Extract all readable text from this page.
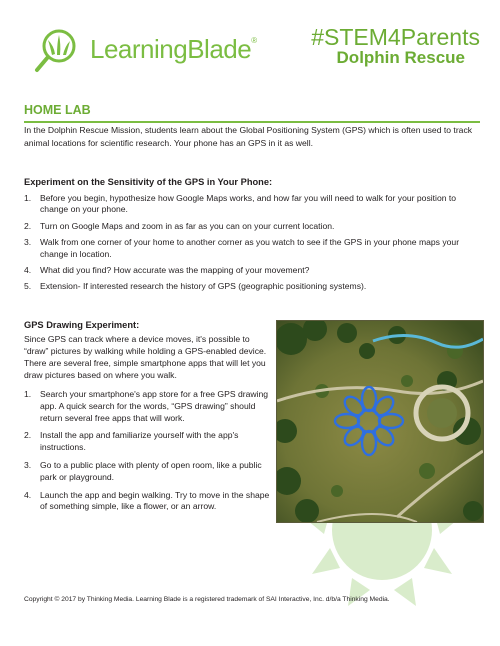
LearningBlade®	#STEM4Parents
Dolphin Rescue
HOME LAB
In the Dolphin Rescue Mission, students learn about the Global Positioning System (GPS) which is often used to track animal locations for scientific research. Your phone has an GPS in it as well.
Experiment on the Sensitivity of the GPS in Your Phone:
1. Before you begin, hypothesize how Google Maps works, and how far you will need to walk for your position to change on your phone.
2. Turn on Google Maps and zoom in as far as you can on your current location.
3. Walk from one corner of your home to another corner as you watch to see if the GPS in your phone maps your change in location.
4. What did you find? How accurate was the mapping of your movement?
5. Extension- If interested research the history of GPS (geographic positioning systems).
GPS Drawing Experiment:
Since GPS can track where a device moves, it's possible to “draw” pictures by walking while holding a GPS-enabled device. There are several free, simple smartphone apps that will let you draw pictures based on where you walk.
1. Search your smartphone's app store for a free GPS drawing app. A quick search for the words, “GPS drawing” should return several free apps that will work.
2. Install the app and familiarize yourself with the app's instructions.
3. Go to a public place with plenty of open room, like a public park or playground.
4. Launch the app and begin walking. Try to move in the shape of something simple, like a flower, or an arrow.
Copyright © 2017 by Thinking Media. Learning Blade is a registered trademark of SAI Interactive, Inc. d/b/a Thinking Media.
